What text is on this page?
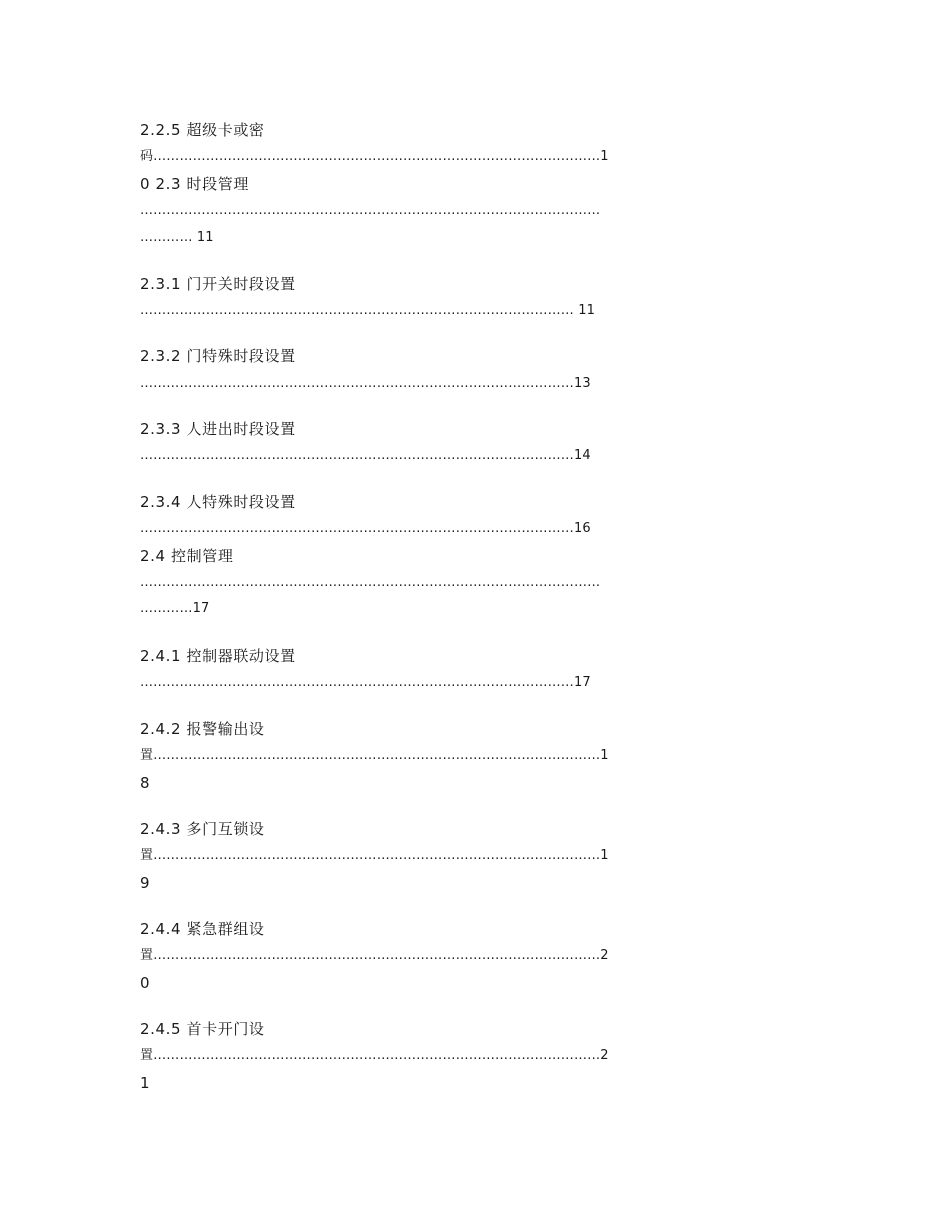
2.2.5 超级卡或密

码…………………………………………………………………………………………1

0 2.3 时段管理

……………………………………………………………………………………………

………… 11

2.3.1 门开关时段设置

……………………………………………………………………………………… 11

2.3.2 门特殊时段设置

………………………………………………………………………………………13

2.3.3 人进出时段设置

………………………………………………………………………………………14

2.3.4 人特殊时段设置

………………………………………………………………………………………16

2.4 控制管理

……………………………………………………………………………………………

…………17

2.4.1 控制器联动设置

………………………………………………………………………………………17

2.4.2 报警输出设

置…………………………………………………………………………………………1

8

2.4.3 多门互锁设

置…………………………………………………………………………………………1

9

2.4.4 紧急群组设

置…………………………………………………………………………………………2

0

2.4.5 首卡开门设

置…………………………………………………………………………………………2

1
